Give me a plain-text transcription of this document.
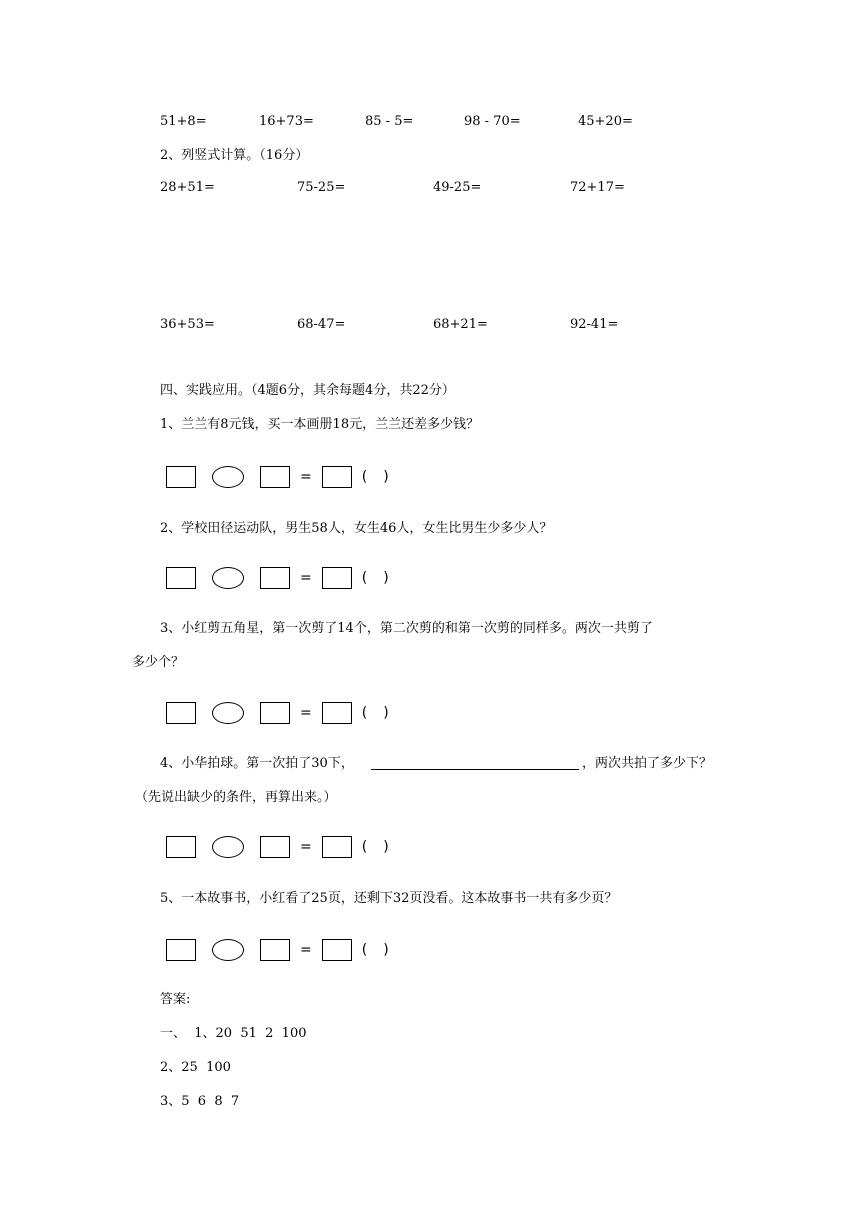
51+8=	16+73=	85 - 5=	98 - 70=	45+20=
2、列竖式计算。（16分）
28+51=	75-25=	49-25=	72+17=
36+53=	68-47=	68+21=	92-41=
四、实践应用。（4题6分，其余每题4分，共22分）
1、兰兰有8元钱，买一本画册18元，兰兰还差多少钱？
=	( )
2、学校田径运动队，男生58人，女生46人，女生比男生少多少人？
=	( )
3、小红剪五角星，第一次剪了14个，第二次剪的和第一次剪的同样多。两次一共剪了
多少个？
=	( )
4、小华拍球。第一次拍了30下，	，两次共拍了多少下？
（先说出缺少的条件，再算出来。）
=	( )
5、一本故事书，小红看了25页，还剩下32页没看。这本故事书一共有多少页？
=	( )
答案:
一、  1、20  51  2  100
2、25  100
3、5  6  8  7
